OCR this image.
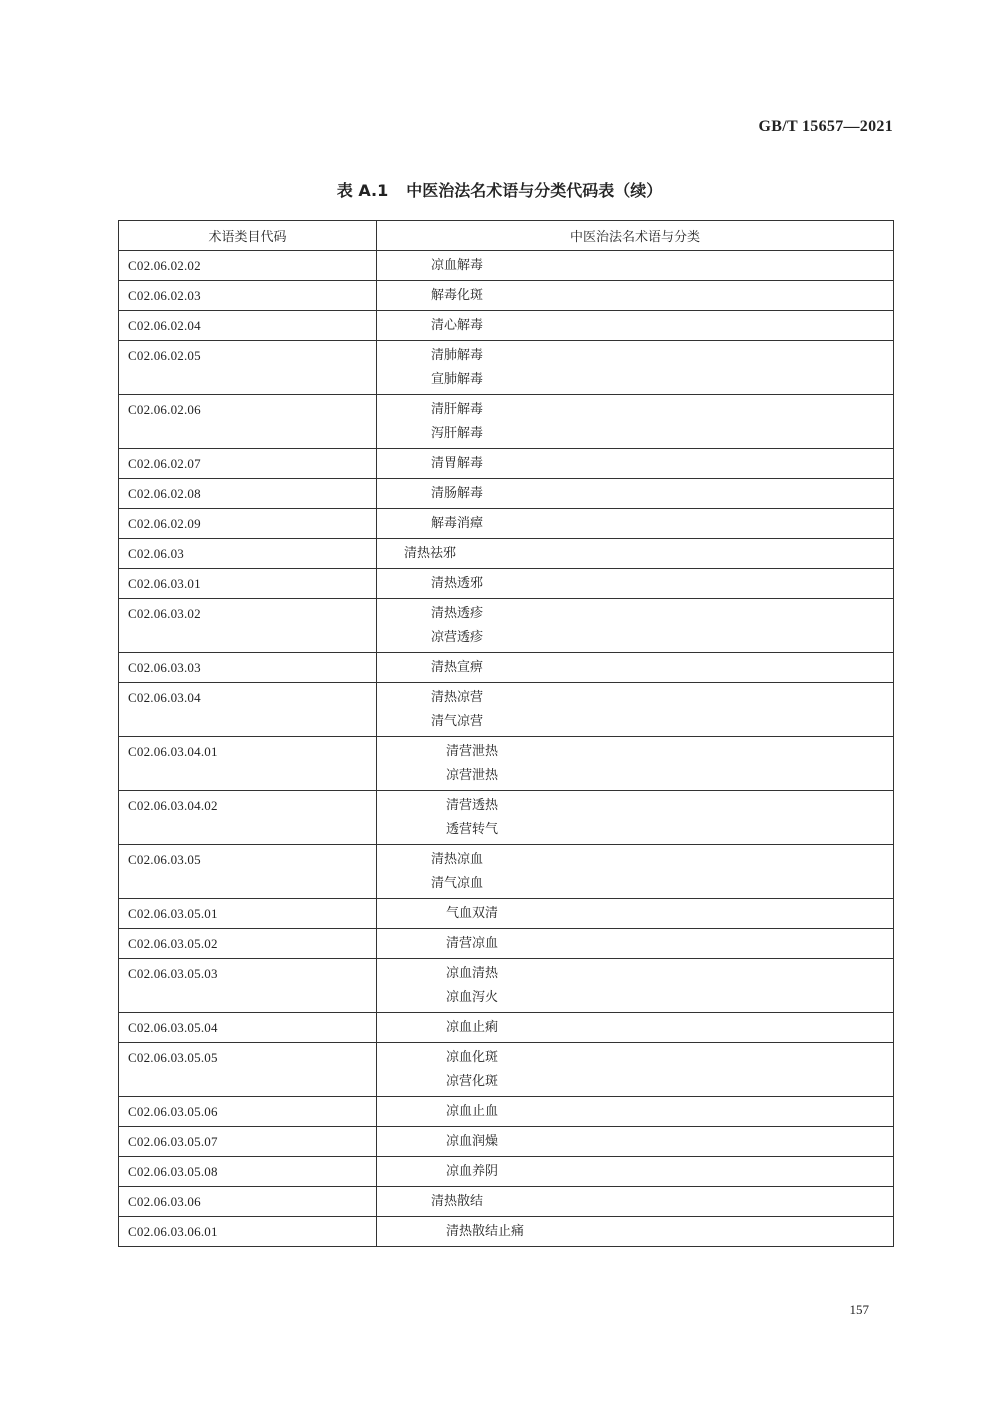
GB/T 15657—2021
表 A.1 中医治法名术语与分类代码表（续）
术语类目代码	中医治法名术语与分类
C02.06.02.02	凉血解毒

C02.06.02.03	解毒化斑

C02.06.02.04	清心解毒

C02.06.02.05	清肺解毒
宣肺解毒

C02.06.02.06	清肝解毒
泻肝解毒

C02.06.02.07	清胃解毒

C02.06.02.08	清肠解毒

C02.06.02.09	解毒消瘴

C02.06.03	清热祛邪

C02.06.03.01	清热透邪

C02.06.03.02	清热透疹
凉营透疹

C02.06.03.03	清热宣痹

C02.06.03.04	清热凉营
清气凉营

C02.06.03.04.01	清营泄热
凉营泄热

C02.06.03.04.02	清营透热
透营转气

C02.06.03.05	清热凉血
清气凉血

C02.06.03.05.01	气血双清

C02.06.03.05.02	清营凉血

C02.06.03.05.03	凉血清热
凉血泻火

C02.06.03.05.04	凉血止痢

C02.06.03.05.05	凉血化斑
凉营化斑

C02.06.03.05.06	凉血止血

C02.06.03.05.07	凉血润燥

C02.06.03.05.08	凉血养阴

C02.06.03.06	清热散结

C02.06.03.06.01	清热散结止痛
157
